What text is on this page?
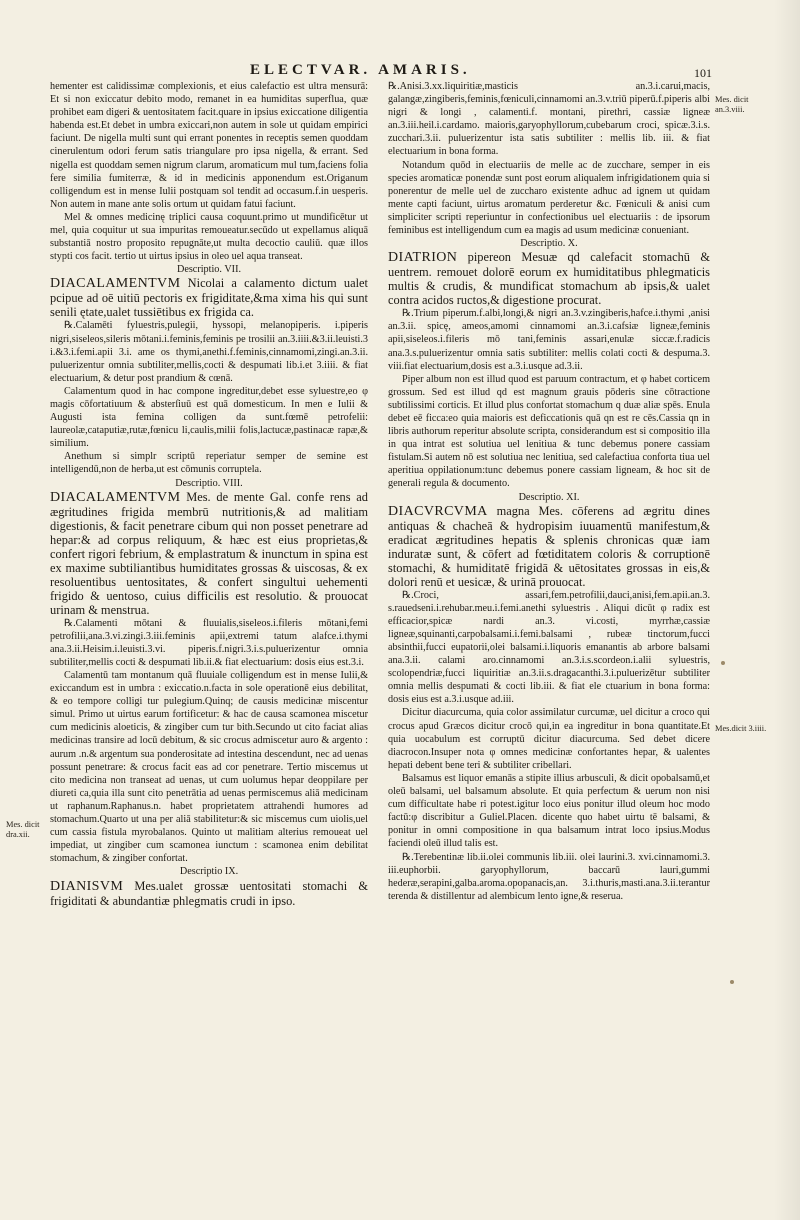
ELECTVAR. AMARIS.	101
Mes. dicit dra.xii.
Mes. dicit an.3.viii.
Mes.dicit 3.iiii.

hementer est calidissimæ complexionis, et eius calefactio est ultra mensurā: Et si non exiccatur debito modo, remanet in ea humiditas superflua, quæ prohibet eam digeri & uentositatem facit.quare in ipsius exiccatione diligentia habenda est.Et debet in umbra exiccari,non autem in sole ut quidam empirici faciunt. De nigella multi sunt qui errant ponentes in receptis semen quoddam cinerulentum odori ferum satis triangulare pro ipsa nigella, & errant. Sed nigella est quoddam semen nigrum clarum, aromaticum mul tum,faciens folia fere similia fumiterræ, & id in medicinis apponendum est.Origanum colligendum est in mense Iulii postquam sol tendit ad occasum.f.in uesperis. Non autem in mane ante solis ortum ut quidam fatui faciunt.

Mel & omnes medicinę triplici causa coquunt.primo ut mundificētur ut mel, quia coquitur ut sua impuritas remoueatur.secūdo ut expellamus aliquā substantiā nostro proposito repugnāte,ut multa decoctio cauliū. quæ illos stypti cos facit. tertio ut uirtus ipsius in oleo uel aqua transeat.

Descriptio. VII.

DIACALAMENTVM Nicolai a calamento dictum ualet pcipue ad oē uitiū pectoris ex frigiditate,&ma xima his qui sunt senili ętate,ualet tussiētibus ex frigida ca.

℞.Calamēti fyluestris,pulegii, hyssopi, melanopiperis. i.piperis nigri,siseleos,sileris mōtani.i.feminis,feminis pe trosilii an.3.iiii.&3.ii.leuisti.3 i.&3.i.femi.apii 3.i. ame os thymi,anethi.f.feminis,cinnamomi,zingi.an.3.ii. puluerizentur omnia subtiliter,mellis,cocti & despumati lib.i.et 3.iiii. & fiat electuarium, & detur post prandium & cœnā.

Calamentum quod in hac compone ingreditur,debet esse syluestre,eo φ magis cōfortatiuum & absterſiuū est quā domesticum. In men e Iulii & Augusti ista femina colligen da sunt.fœmē petrofelii: laureolæ,cataputiæ,rutæ,fœnicu li,caulis,milii folis,lactucæ,pastinacæ rapæ,& similium.

Anethum si simplr scriptū reperiatur semper de semine est intelligendū,non de herba,ut est cōmunis corruptela.

Descriptio. VIII.

DIACALAMENTVM Mes. de mente Gal. confe rens ad ægritudines frigida membrū nutritionis,& ad malitiam digestionis, & facit penetrare cibum qui non posset penetrare ad hepar:& ad corpus reliquum, & hæc est eius proprietas,& confert rigori febrium, & emplastratum & inunctum in spina est ex maxime subtiliantibus humiditates grossas & uiscosas, & ex resoluentibus uentositates, & confert singultui uehementi frigido & uentoso, cuius difficilis est resolutio. & prouocat urinam & menstrua.

℞.Calamenti mōtani & fluuialis,siseleos.i.fileris mōtani,femi petrofilii,ana.3.vi.zingi.3.iii.feminis apii,extremi tatum alafce.i.thymi ana.3.ii.Heisim.i.leuisti.3.vi. piperis.f.nigri.3.i.s.puluerizentur omnia subtiliter,mellis cocti & despumati lib.ii.& fiat electuarium: dosis eius est.3.i.

Calamentū tam montanum quā fluuiale colligendum est in mense Iulii,& exiccandum est in umbra : exiccatio.n.facta in sole operationē eius debilitat, & eo tempore colligi tur pulegium.Quinq; de causis medicinæ miscentur simul. Primo ut uirtus earum fortificetur: & hac de causa scamonea miscetur cum medicinis aloeticis, & zingiber cum tur bith.Secundo ut cito faciat alias medicinas transire ad locū debitum, & sic crocus admiscetur auro & argento : aurum .n.& argentum sua ponderositate ad intestina descendunt, nec ad uenas possunt penetrare: & crocus facit eas ad cor penetrare. Tertio miscemus ut cito medicina non transeat ad uenas, ut cum uolumus hepar deoppilare per diureti ca,quia illa sunt cito penetrātia ad uenas permiscemus aliā medicinam ut raphanum.Raphanus.n. habet proprietatem attrahendi humores ad stomachum.Quarto ut una per aliā stabilitetur:& sic miscemus cum uiolis,uel cum cassia fistula myrobalanos. Quinto ut malitiam alterius remoueat uel impediat, ut zingiber cum scamonea iunctum : scamonea enim debilitat stomachum, & zingiber confortat.

Descriptio IX.

DIANISVM Mes.ualet grossæ uentositati stomachi & frigiditati & abundantiæ phlegmatis crudi in ipso.

℞.Anisi.3.xx.liquiritiæ,masticis an.3.i.carui,macis, galangæ,zingiberis,feminis,fœniculi,cinnamomi an.3.v.triū piperū.f.piperis albi nigri & longi , calamenti.f. montani, pirethri, cassiæ ligneæ an.3.iii.heil.i.cardamo. maioris,garyophyllorum,cubebarum croci, spicæ.3.i.s. zucchari.3.ii. puluerizentur ista satis subtiliter : mellis lib. iii. & fiat electuarium in bona forma.

Notandum quōd in electuariis de melle ac de zucchare, semper in eis species aromaticæ ponendæ sunt post eorum aliqualem infrigidationem quia si ponerentur de melle uel de zuccharo existente adhuc ad ignem ut quidam mente capti faciunt, uirtus aromatum perderetur &c. Fœniculi & anisi cum simpliciter scripti reperiuntur in confectionibus uel electuariis : de ipsorum feminibus est intelligendum cum ea magis ad usum medicinæ conueniant.

Descriptio. X.

DIATRION pipereon Mesuæ qd calefacit stomachū & uentrem. remouet dolorē eorum ex humiditatibus phlegmaticis multis & crudis, & mundificat stomachum ab ipsis,& ualet contra acidos ructos,& digestione procurat.

℞.Trium piperum.f.albi,longi,& nigri an.3.v.zingiberis,hafce.i.thymi ,anisi an.3.ii. spicę, ameos,amomi cinnamomi an.3.i.cafsiæ ligneæ,feminis apii,siseleos.i.fileris mō tani,feminis assari,enulæ siccæ.f.radicis ana.3.s.puluerizentur omnia satis subtiliter: mellis colati cocti & despuma.3. viii.fiat electuarium,dosis est a.3.i.usque ad.3.ii.

Piper album non est illud quod est paruum contractum, et φ habet corticem grossum. Sed est illud qd est magnum grauis pōderis sine cōtractione subtilissimi corticis. Et illud plus confortat stomachum q duæ aliæ spēs. Enula debet eē ficca:eo quia maioris est deficcationis quā qn est re cēs.Cassia qn in libris authorum reperitur absolute scripta, considerandum est si compositio illa in qua intrat est solutiua uel lenitiua & tunc debemus ponere cassiam fistulam.Si autem nō est solutiua nec lenitiua, sed calefactiua conforta tiua uel aperitiua oppilationum:tunc debemus ponere cassiam ligneam, & hoc sit de generali regula & documento.

Descriptio. XI.

DIACVRCVMA magna Mes. cōferens ad ægritu dines antiquas & chacheā & hydropisim iuuamentū manifestum,& eradicat ægritudines hepatis & splenis chronicas quæ iam induratæ sunt, & cōfert ad fœtiditatem coloris & corruptionē stomachi, & humiditatē frigidā & uētositates grossas in eis,& dolori renū et uesicæ, & urinā prouocat.

℞.Croci, assari,fem.petrofilii,dauci,anisi,fem.apii.an.3. s.rauedseni.i.rehubar.meu.i.femi.anethi syluestris . Aliqui dicūt φ radix est efficacior,spicæ nardi an.3. vi.costi, myrrhæ,cassiæ ligneæ,squinanti,carpobalsami.i.femi.balsami , rubeæ tinctorum,fucci absinthii,fucci eupatorii,olei balsami.i.liquoris emanantis ab arbore balsami ana.3.ii. calami aro.cinnamomi an.3.i.s.scordeon.i.alii syluestris, scolopendriæ,fucci liquiritiæ an.3.ii.s.dragacanthi.3.i.puluerizētur subtiliter omnia mellis despumati & cocti lib.iii. & fiat ele ctuarium in bona forma: dosis eius est a.3.i.usque ad.iii.

Dicitur diacurcuma, quia color assimilatur curcumæ, uel dicitur a croco qui crocus apud Græcos dicitur crocō qui,in ea ingreditur in bona quantitate.Et quia uocabulum est corruptū dicitur diacurcuma. Sed debet dicere diacrocon.Insuper nota φ omnes medicinæ confortantes hepar, & ualentes hepati debent bene teri & subtiliter cribellari.

Balsamus est liquor emanās a stipite illius arbusculi, & dicit opobalsamū,et oleū balsami, uel balsamum absolute. Et quia perfectum & uerum non nisi cum difficultate habe ri potest.igitur loco eius ponitur illud oleum hoc modo factū:φ discribitur a Guliel.Placen. dicente quo habet uirtu tē balsami, & ponitur in omni compositione in qua balsamum intrat loco ipsius.Modus faciendi oleū illud talis est.

℞.Terebentinæ lib.ii.olei communis lib.iii. olei laurini.3. xvi.cinnamomi.3. iii.euphorbii. garyophyllorum, baccarū lauri,gummi hederæ,serapini,galba.aroma.opopanacis,an. 3.i.thuris,masti.ana.3.ii.terantur terenda & distillentur ad alembicum lento igne,& reserua.
